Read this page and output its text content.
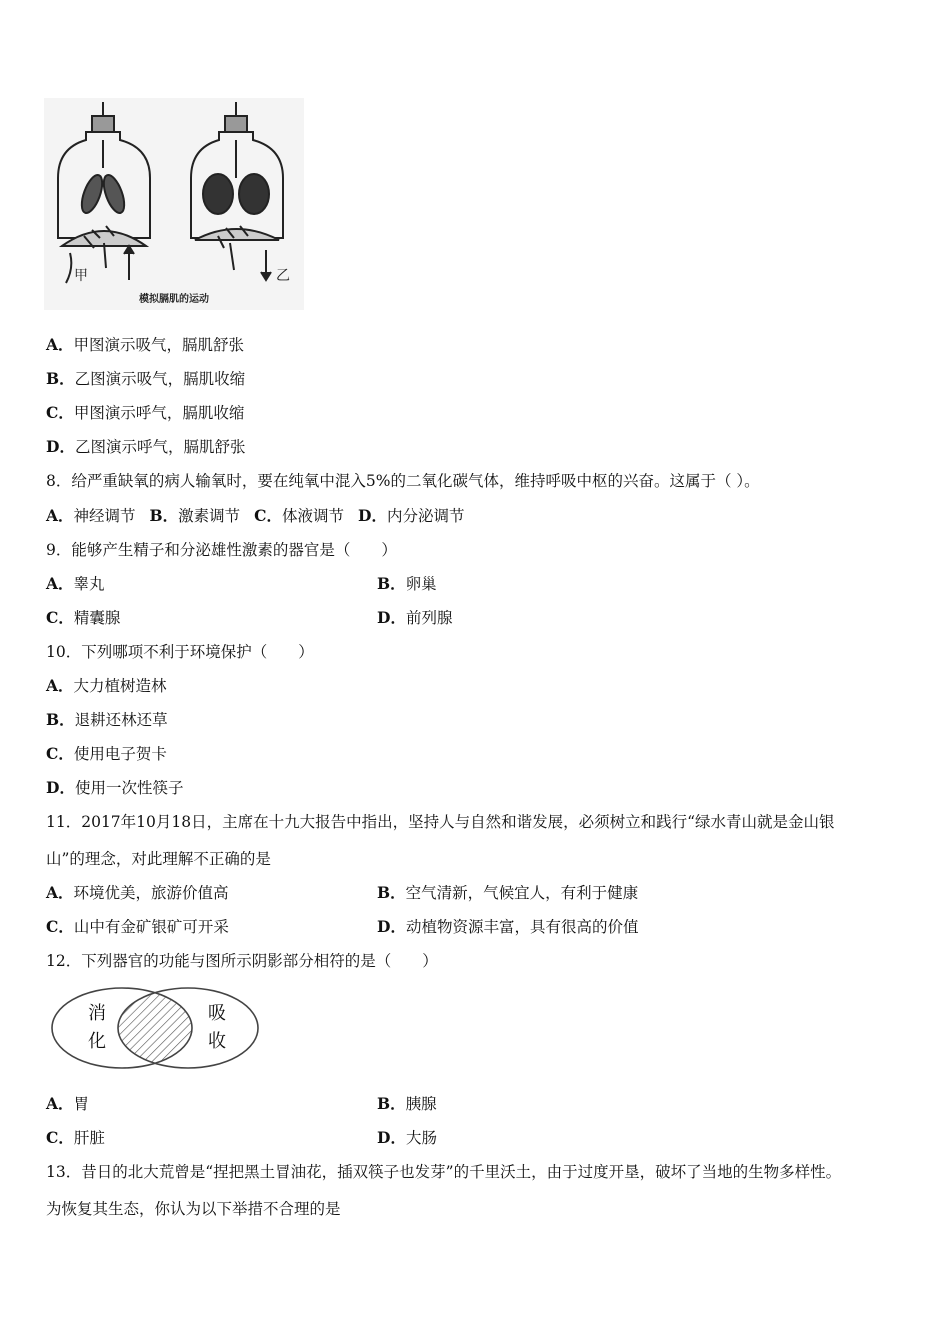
甲	乙
模拟膈肌的运动
A．甲图演示吸气，膈肌舒张
B．乙图演示吸气，膈肌收缩
C．甲图演示呼气，膈肌收缩
D．乙图演示呼气，膈肌舒张
8．给严重缺氧的病人输氧时，要在纯氧中混入5%的二氧化碳气体，维持呼吸中枢的兴奋。这属于（ ）。
A．神经调节 B．激素调节 C．体液调节 D．内分泌调节
9．能够产生精子和分泌雄性激素的器官是（　　）
A．睾丸	B．卵巢
C．精囊腺	D．前列腺
10．下列哪项不利于环境保护（　　）
A．大力植树造林
B．退耕还林还草
C．使用电子贺卡
D．使用一次性筷子
11．2017年10月18日，主席在十九大报告中指出，坚持人与自然和谐发展，必须树立和践行“绿水青山就是金山银
山”的理念，对此理解不正确的是
A．环境优美，旅游价值高	B．空气清新，气候宜人，有利于健康
C．山中有金矿银矿可开采	D．动植物资源丰富，具有很高的价值
12．下列器官的功能与图所示阴影部分相符的是（　　）
消
化
吸
收
A．胃	B．胰腺
C．肝脏	D．大肠
13．昔日的北大荒曾是“捏把黑土冒油花，插双筷子也发芽”的千里沃土，由于过度开垦，破坏了当地的生物多样性。
为恢复其生态，你认为以下举措不合理的是
